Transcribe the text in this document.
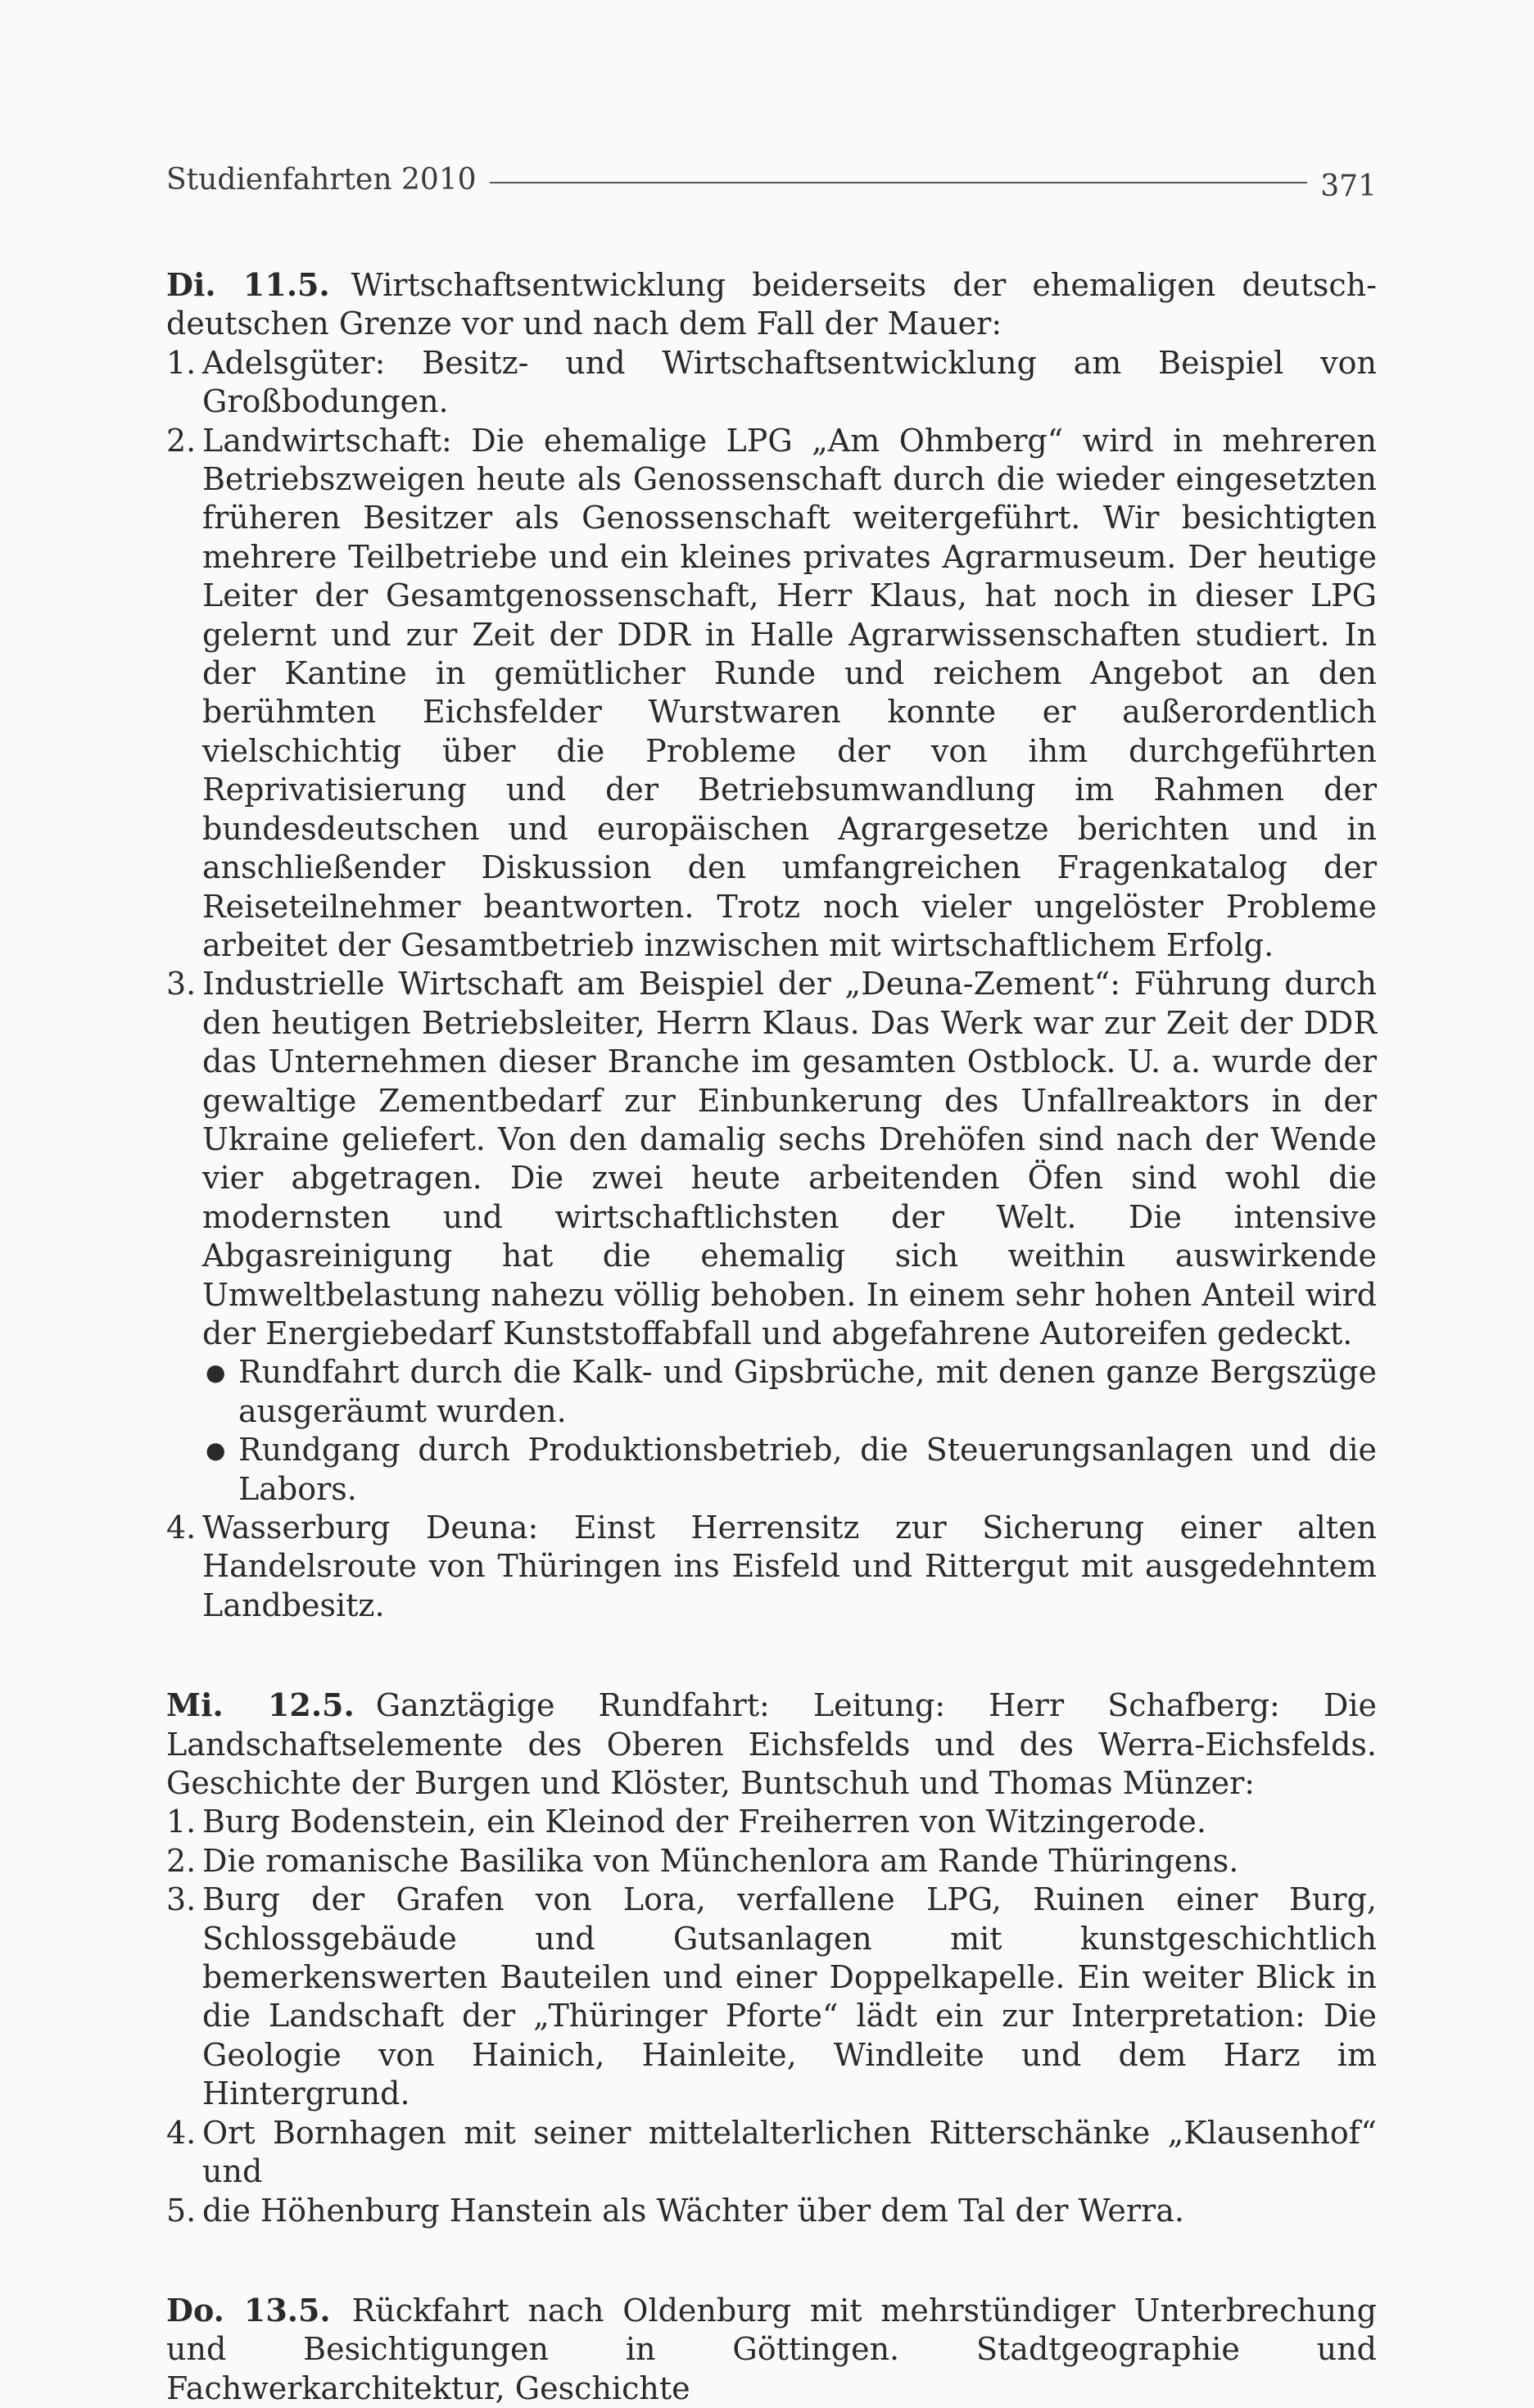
Studienfahrten 2010	371

Di. 11.5. Wirtschaftsentwicklung beiderseits der ehemaligen deutsch-deutschen Grenze vor und nach dem Fall der Mauer:

1. Adelsgüter: Besitz- und Wirtschaftsentwicklung am Beispiel von Großbodungen.
2. Landwirtschaft: Die ehemalige LPG „Am Ohmberg“ wird in mehreren Betriebszweigen heute als Genossenschaft durch die wieder eingesetzten früheren Besitzer als Genossenschaft weitergeführt. Wir besichtigten mehrere Teilbetriebe und ein kleines privates Agrarmuseum. Der heutige Leiter der Gesamtgenossenschaft, Herr Klaus, hat noch in dieser LPG gelernt und zur Zeit der DDR in Halle Agrarwissenschaften studiert. In der Kantine in gemütlicher Runde und reichem Angebot an den berühmten Eichsfelder Wurstwaren konnte er außerordentlich vielschichtig über die Probleme der von ihm durchgeführten Reprivatisierung und der Betriebsumwandlung im Rahmen der bundesdeutschen und europäischen Agrargesetze berichten und in anschließender Diskussion den umfangreichen Fragenkatalog der Reiseteilnehmer beantworten. Trotz noch vieler ungelöster Probleme arbeitet der Gesamtbetrieb inzwischen mit wirtschaftlichem Erfolg.
3. Industrielle Wirtschaft am Beispiel der „Deuna-Zement“: Führung durch den heutigen Betriebsleiter, Herrn Klaus. Das Werk war zur Zeit der DDR das Unternehmen dieser Branche im gesamten Ostblock. U. a. wurde der gewaltige Zementbedarf zur Einbunkerung des Unfallreaktors in der Ukraine geliefert. Von den damalig sechs Drehöfen sind nach der Wende vier abgetragen. Die zwei heute arbeitenden Öfen sind wohl die modernsten und wirtschaftlichsten der Welt. Die intensive Abgasreinigung hat die ehemalig sich weithin auswirkende Umweltbelastung nahezu völlig behoben. In einem sehr hohen Anteil wird der Energiebedarf Kunststoffabfall und abgefahrene Autoreifen gedeckt.
● Rundfahrt durch die Kalk- und Gipsbrüche, mit denen ganze Bergszüge ausgeräumt wurden.
● Rundgang durch Produktionsbetrieb, die Steuerungsanlagen und die Labors.
4. Wasserburg Deuna: Einst Herrensitz zur Sicherung einer alten Handelsroute von Thüringen ins Eisfeld und Rittergut mit ausgedehntem Landbesitz.

Mi. 12.5. Ganztägige Rundfahrt: Leitung: Herr Schafberg: Die Landschaftselemente des Oberen Eichsfelds und des Werra-Eichsfelds. Geschichte der Burgen und Klöster, Buntschuh und Thomas Münzer:

1. Burg Bodenstein, ein Kleinod der Freiherren von Witzingerode.
2. Die romanische Basilika von Münchenlora am Rande Thüringens.
3. Burg der Grafen von Lora, verfallene LPG, Ruinen einer Burg, Schlossgebäude und Gutsanlagen mit kunstgeschichtlich bemerkenswerten Bauteilen und einer Doppelkapelle. Ein weiter Blick in die Landschaft der „Thüringer Pforte“ lädt ein zur Interpretation: Die Geologie von Hainich, Hainleite, Windleite und dem Harz im Hintergrund.
4. Ort Bornhagen mit seiner mittelalterlichen Ritterschänke „Klausenhof“ und
5. die Höhenburg Hanstein als Wächter über dem Tal der Werra.

Do. 13.5. Rückfahrt nach Oldenburg mit mehrstündiger Unterbrechung und Besichtigungen in Göttingen. Stadtgeographie und Fachwerkarchitektur, Geschichte
